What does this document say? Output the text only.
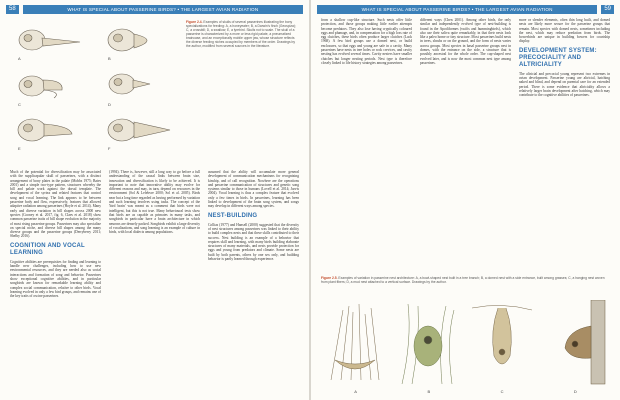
58	WHAT IS SPECIAL ABOUT PASSERINE BIRDS? • THE LARGEST AVIAN RADIATION
A	B
C	D
E	F

Figure 2.4. Examples of skulls of several passerines illustrating the bony specializations for feeding: A, a honeyeater; B, a Darwin's finch (Geospiza); C, a crossbill; D, a swallow; E, a lyrebird. Skulls not to scale. The skull of a passerine is characterized by a more or less rigid palate, a pneumatized braincase, and an exceptionally mobile upper jaw, whose structure reflects the diverse feeding niches occupied by members of the order. Drawings by the author, modified from several sources in the literature.

Much of the potential for diversification may be associated with the supplicapular skull of passerines, with a distinct arrangement of bony plates in the palate (Mobbs 1975; Bates 2001) and a simple two-type pattern, structures whereby the bill and palate work against the dorsal template. The development of the syrinx and related features that control song and vocal learning. The link appears to be between passerine body and flow, expressively, features that allowed adaptive radiation among passerines (Hoyle et al. 2014). Many early and diverse variation in bill shapes across 2000 new species (Cooney et al. 2017, fig. 6, Claes et al. 2018) show common passerine traits of bill shape evolution in the majority of most rising passerine groups. Passerines may also specialize on special niche, and diverse bill shapes among the many diverse groups and the passerine groups (Derryberry 2011; Shelby 2016).

COGNITION AND VOCAL LEARNING

Cognitive abilities are prerequisites for finding and learning to handle new challenges, including how to use new environmental resources, and they are needed also as social interactions and formation of song and behavior. Passerines show exceptional cognitive abilities, and in particular songbirds are known for remarkable learning ability and complex social communication, relative to other birds. Vocal learning evolved in only a few bird groups, and remains one of the key traits of oscine passerines.

(1994). There is, however, still a long way to go before a full understanding of the causal links between brain size, innovation and diversification is likely to be achieved. It is important to note that innovative ability may evolve for different reasons and may, in turn, depend on resources in the environment (Sol & Lefebvre 2000; Sol et al. 2005). Birds near but a long time regarded as having performed by variation and such learning involves using tasks. The concept of the 'bird brain' was meant as a comment that birds were not intelligent, but this is not true. Many behavioural tests show that birds are as capable as primates in many tasks, and songbirds in particular have a brain architecture in which neurons are densely packed. Songbirds exhibit a large diversity of vocalizations, and song learning is an example of culture in birds, with local dialects among populations.

assumed that the ability will accumulate more general development of communication mechanisms for recognizing kinship, and of call recognition. Nowhere are the operations and passerine communication of structures and genetic song systems similar to those in humans (Lovell et al. 2014; Jarvis 2004). Vocal learning is thus a complex feature that evolved only a few times in birds. In passerines, learning has been linked to development of the brain song system, and songs may develop in different ways among species.

NEST-BUILDING

Collias (1977) and Hansell (2000) suggested that the diversity of nest structures among passerines was linked to their ability to build complex nests and that these skills contributed to their success. Nest building is an example of a behavior that requires skill and learning, with many birds building elaborate structures of many materials, and nests provide protection for eggs and young from predators and climate. Some nests are built by both parents, others by one sex only, and building behavior is partly learned through experience.

WHAT IS SPECIAL ABOUT PASSERINE BIRDS? • THE LARGEST AVIAN RADIATION	59

from a shallow cup-like structure. Such nests offer little protection, and those groups making little earlier attempts become predators. They also lose having cryptically coloured eggs and plumage, and, in compensation for a high loss rate of egg clutches, these birds often produce larger clutches (Lack 1968). A few bird groups use a domed nest, or build enclosures, so that eggs and young are safe in a cavity. Many passerines have nests in tree holes or rock crevices, and cavity nesting has evolved several times. Cavity nesters have smaller clutches but longer nesting periods. Nest type is therefore closely linked to life history strategies among passerines.

different ways (Chen 2001). Among other birds, the only similar and independently evolved type of nest-building is found in the Apodiformes (swifts and hummingbirds), which also use their saliva quite remarkably, in that their nests look like a paleo home or tiny structure. Most passerines build nests in trees, shrubs or on the ground, and the form of nests varies across groups. Most species in basal passerine groups nest in domes, with the entrance on the side, a structure that is possibly ancestral for the whole order. The cup-shaped nest evolved later, and is now the most common nest type among passerines.

more or slender elements, often thin long built, and domed nests are likely more secure for the passerine groups that remain. Most species with domed nests, sometimes including the nest, which may reduce predation from birds. The bowerbirds are unique in building bowers for courtship display.

DEVELOPMENT SYSTEM: PRECOCIALITY AND ALTRICIALITY

The altricial and precocial young represent two extremes in avian development. Passerine young are altricial, hatching naked and blind, and depend on parental care for an extended period. There is some evidence that altriciality allows a relatively larger brain development after hatching, which may contribute to the cognitive abilities of passerines.

Figure 2.5. Examples of variation in passerine nest architecture: A, a bowl-shaped nest built in a tree branch; B, a domed nest with a side entrance, built among grasses; C, a hanging nest woven from plant fibers; D, a mud nest attached to a vertical surface. Drawings by the author.

A	B	C	D
